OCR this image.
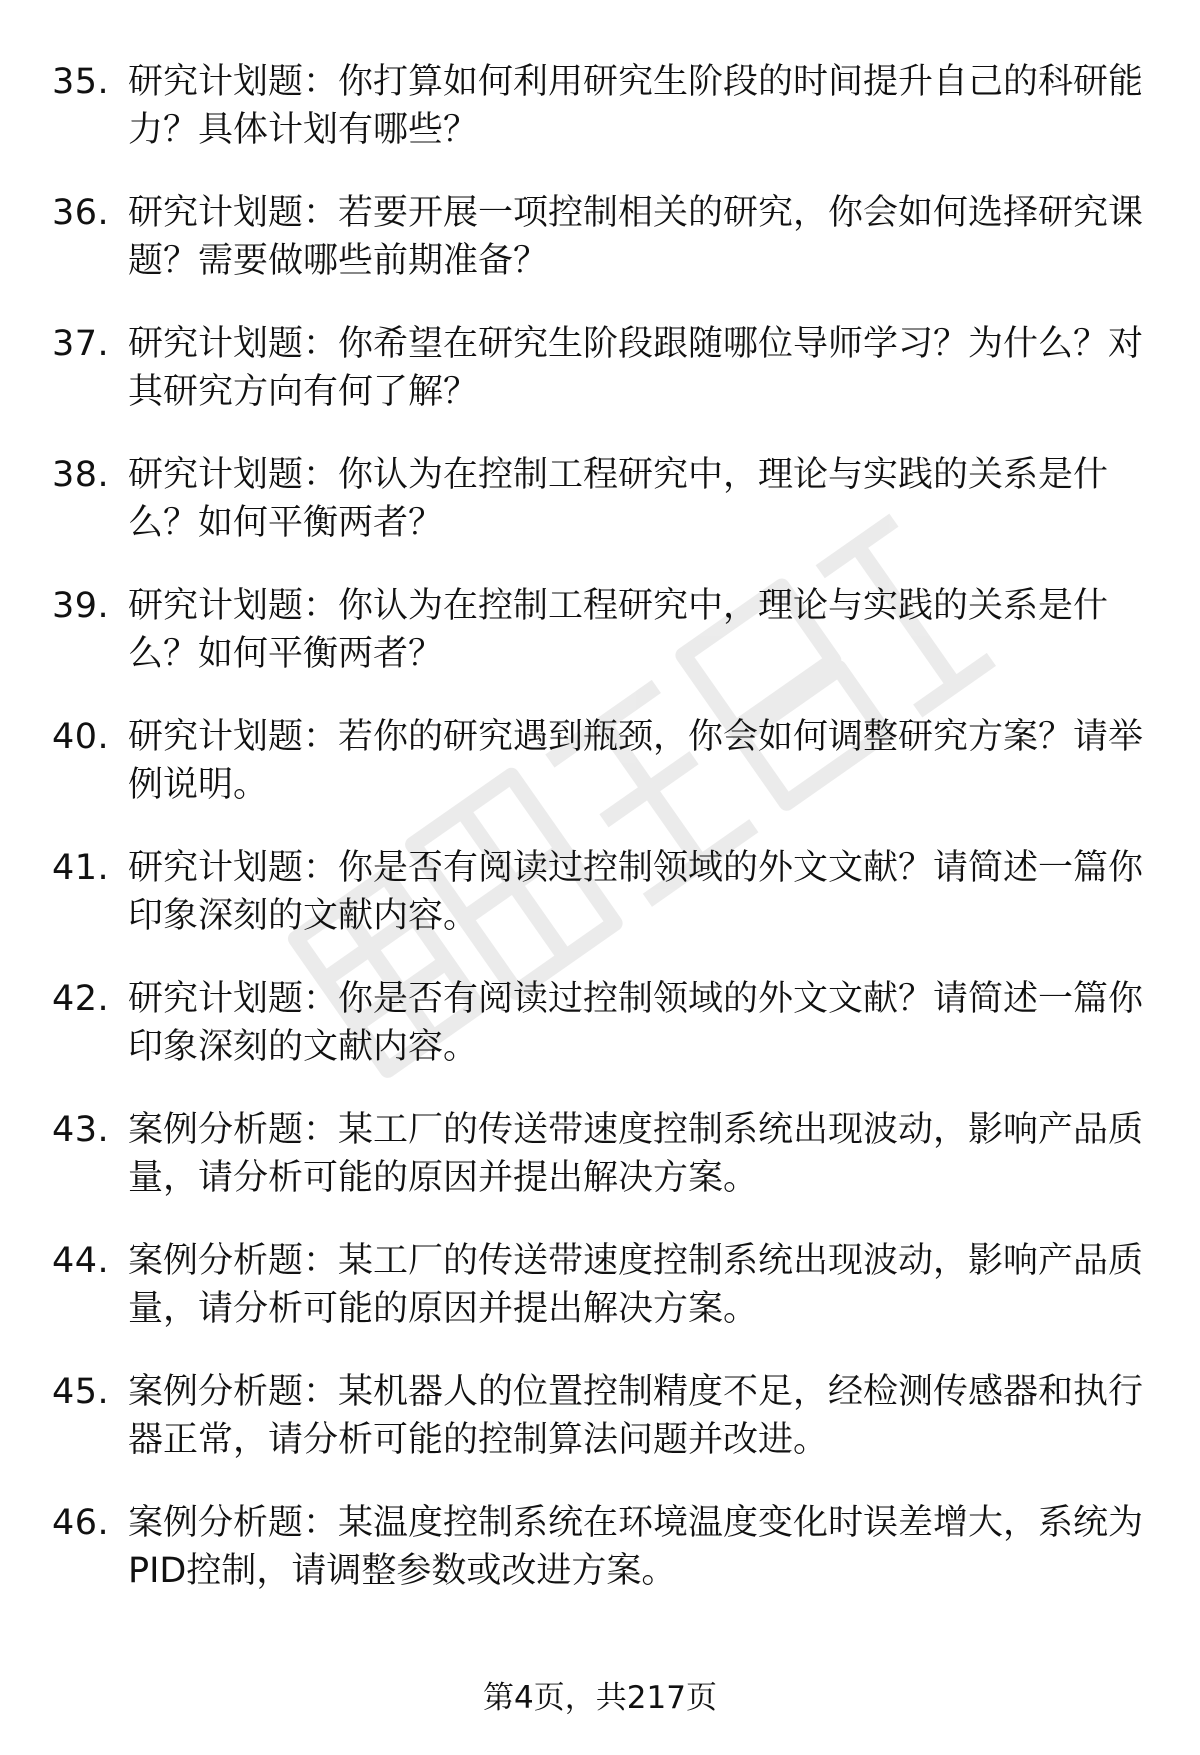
35. 研究计划题：你打算如何利用研究生阶段的时间提升自己的科研能力？具体计划有哪些？
36. 研究计划题：若要开展一项控制相关的研究，你会如何选择研究课题？需要做哪些前期准备？
37. 研究计划题：你希望在研究生阶段跟随哪位导师学习？为什么？对其研究方向有何了解？
38. 研究计划题：你认为在控制工程研究中，理论与实践的关系是什么？如何平衡两者？
39. 研究计划题：你认为在控制工程研究中，理论与实践的关系是什么？如何平衡两者？
40. 研究计划题：若你的研究遇到瓶颈，你会如何调整研究方案？请举例说明。
41. 研究计划题：你是否有阅读过控制领域的外文文献？请简述一篇你印象深刻的文献内容。
42. 研究计划题：你是否有阅读过控制领域的外文文献？请简述一篇你印象深刻的文献内容。
43. 案例分析题：某工厂的传送带速度控制系统出现波动，影响产品质量，请分析可能的原因并提出解决方案。
44. 案例分析题：某工厂的传送带速度控制系统出现波动，影响产品质量，请分析可能的原因并提出解决方案。
45. 案例分析题：某机器人的位置控制精度不足，经检测传感器和执行器正常，请分析可能的控制算法问题并改进。
46. 案例分析题：某温度控制系统在环境温度变化时误差增大，系统为PID控制，请调整参数或改进方案。
第4页，共217页
